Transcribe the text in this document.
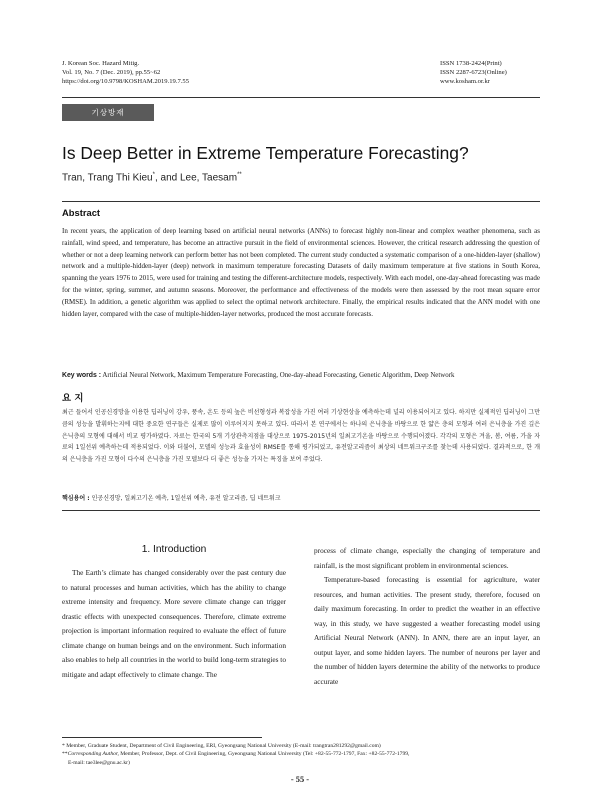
J. Korean Soc. Hazard Mitig.
Vol. 19, No. 7 (Dec. 2019), pp.55~62
https://doi.org/10.9798/KOSHAM.2019.19.7.55
ISSN 1738-2424(Print)
ISSN 2287-6723(Online)
www.kosham.or.kr
기상방재
Is Deep Better in Extreme Temperature Forecasting?
Tran, Trang Thi Kieu*, and Lee, Taesam**
Abstract
In recent years, the application of deep learning based on artificial neural networks (ANNs) to forecast highly non-linear and complex weather phenomena, such as rainfall, wind speed, and temperature, has become an attractive pursuit in the field of environmental sciences. However, the critical research addressing the question of whether or not a deep learning network can perform better has not been completed. The current study conducted a systematic comparison of a one-hidden-layer (shallow) network and a multiple-hidden-layer (deep) network in maximum temperature forecasting Datasets of daily maximum temperature at five stations in South Korea, spanning the years 1976 to 2015, were used for training and testing the different-architecture models, respectively. With each model, one-day-ahead forecasting was made for the winter, spring, summer, and autumn seasons. Moreover, the performance and effectiveness of the models were then assessed by the root mean square error (RMSE). In addition, a genetic algorithm was applied to select the optimal network architecture. Finally, the empirical results indicated that the ANN model with one hidden layer, compared with the case of multiple-hidden-layer networks, produced the most accurate forecasts.
Key words : Artificial Neural Network, Maximum Temperature Forecasting, One-day-ahead Forecasting, Genetic Algorithm, Deep Network
요 지
최근 들어서 인공신경망을 이용한 딥러닝이 강우, 풍속, 온도 등의 높은 비선형성과 복잡성을 가진 여러 기상현상을 예측하는데 널리 이용되어지고 있다. 하지만 실제적인 딥러닝이 그만큼의 성능을 발휘하는지에 대한 중요한 연구들은 실제로 많이 이루어지지 못하고 있다. 따라서 본 연구에서는 하나의 은닉층을 바탕으로 한 얇은 층의 모형과 여러 은닉층을 가진 깊은 은닉층의 모형에 대해서 비교 평가하였다. 자료는 한국의 5개 기상관측지점을 대상으로 1975-2015년의 일최고기온을 바탕으로 수행되어졌다. 각각의 모형은 겨울, 봄, 여름, 가을 자료의 1일선위 예측하는데 적용되었다. 이와 더불어, 모델의 성능과 효율성이 RMSE를 통해 평가되었고, 유전알고리즘이 최상의 네트워크구조를 찾는데 사용되었다. 결과적으로, 한 개의 은닉층을 가진 모형이 다수의 은닉층을 가진 모델보다 더 좋은 성능을 가지는 특징을 보여 주었다.
핵심용어 : 인공신경망, 일최고기온 예측, 1일선위 예측, 유전 알고리즘, 딥 네트워크
1. Introduction
The Earth’s climate has changed considerably over the past century due to natural processes and human activities, which has the ability to change extreme intensity and frequency. More severe climate change can trigger drastic effects with unexpected consequences. Therefore, climate extreme projection is important information required to evaluate the effect of future climate change on human beings and on the environment. Such information also enables to help all countries in the world to build long-term strategies to mitigate and adapt effectively to climate change. The

process of climate change, especially the changing of temperature and rainfall, is the most significant problem in environmental sciences.

Temperature-based forecasting is essential for agriculture, water resources, and human activities. The present study, therefore, focused on daily maximum forecasting. In order to predict the weather in an effective way, in this study, we have suggested a weather forecasting model using Artificial Neural Network (ANN). In ANN, there are an input layer, an output layer, and some hidden layers. The number of neurons per layer and the number of hidden layers determine the ability of the networks to produce accurate

* Member, Graduate Student, Department of Civil Engineering, ERI, Gyeongsang National University (E-mail: trangtran281292@gmail.com)
**Corresponding Author, Member, Professor, Dept. of Civil Engineering, Gyeongsang National University (Tel: +82-55-772-1797, Fax: +82-55-772-1799,
E-mail: tae3lee@gnu.ac.kr)
- 55 -
